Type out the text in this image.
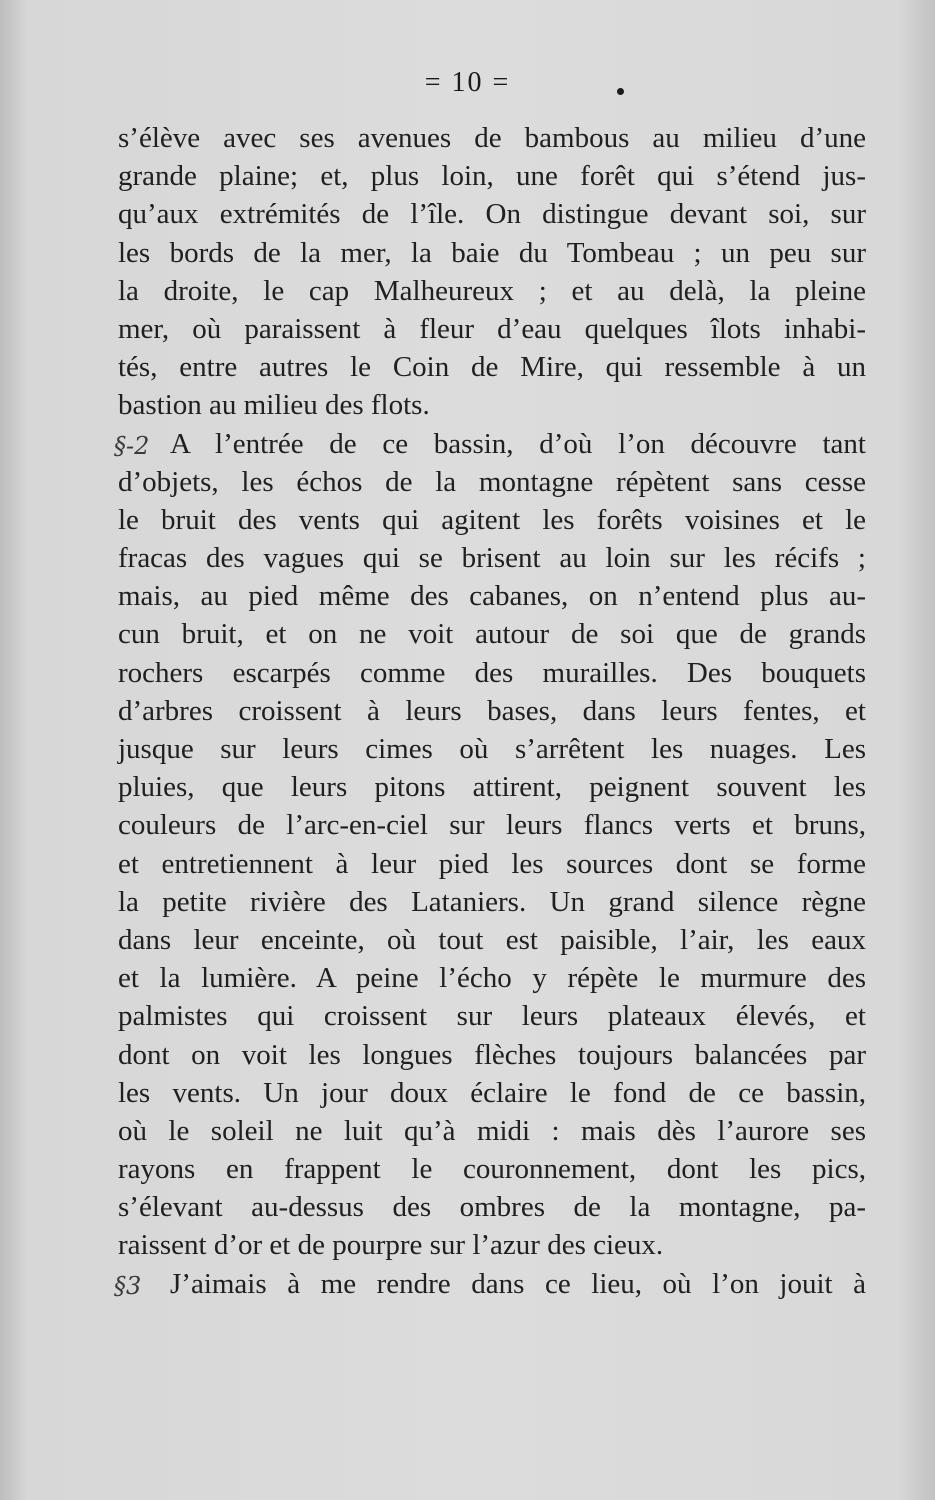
= 10 =
s’élève avec ses avenues de bambous au milieu d’une
grande plaine; et, plus loin, une forêt qui s’étend jus-
qu’aux extrémités de l’île. On distingue devant soi, sur
les bords de la mer, la baie du Tombeau ; un peu sur
la droite, le cap Malheureux ; et au delà, la pleine
mer, où paraissent à fleur d’eau quelques îlots inhabi-
tés, entre autres le Coin de Mire, qui ressemble à un
bastion au milieu des flots.
§-2 A l’entrée de ce bassin, d’où l’on découvre tant
d’objets, les échos de la montagne répètent sans cesse
le bruit des vents qui agitent les forêts voisines et le
fracas des vagues qui se brisent au loin sur les récifs ;
mais, au pied même des cabanes, on n’entend plus au-
cun bruit, et on ne voit autour de soi que de grands
rochers escarpés comme des murailles. Des bouquets
d’arbres croissent à leurs bases, dans leurs fentes, et
jusque sur leurs cimes où s’arrêtent les nuages. Les
pluies, que leurs pitons attirent, peignent souvent les
couleurs de l’arc-en-ciel sur leurs flancs verts et bruns,
et entretiennent à leur pied les sources dont se forme
la petite rivière des Lataniers. Un grand silence règne
dans leur enceinte, où tout est paisible, l’air, les eaux
et la lumière. A peine l’écho y répète le murmure des
palmistes qui croissent sur leurs plateaux élevés, et
dont on voit les longues flèches toujours balancées par
les vents. Un jour doux éclaire le fond de ce bassin,
où le soleil ne luit qu’à midi : mais dès l’aurore ses
rayons en frappent le couronnement, dont les pics,
s’élevant au-dessus des ombres de la montagne, pa-
raissent d’or et de pourpre sur l’azur des cieux.
§3 J’aimais à me rendre dans ce lieu, où l’on jouit à
